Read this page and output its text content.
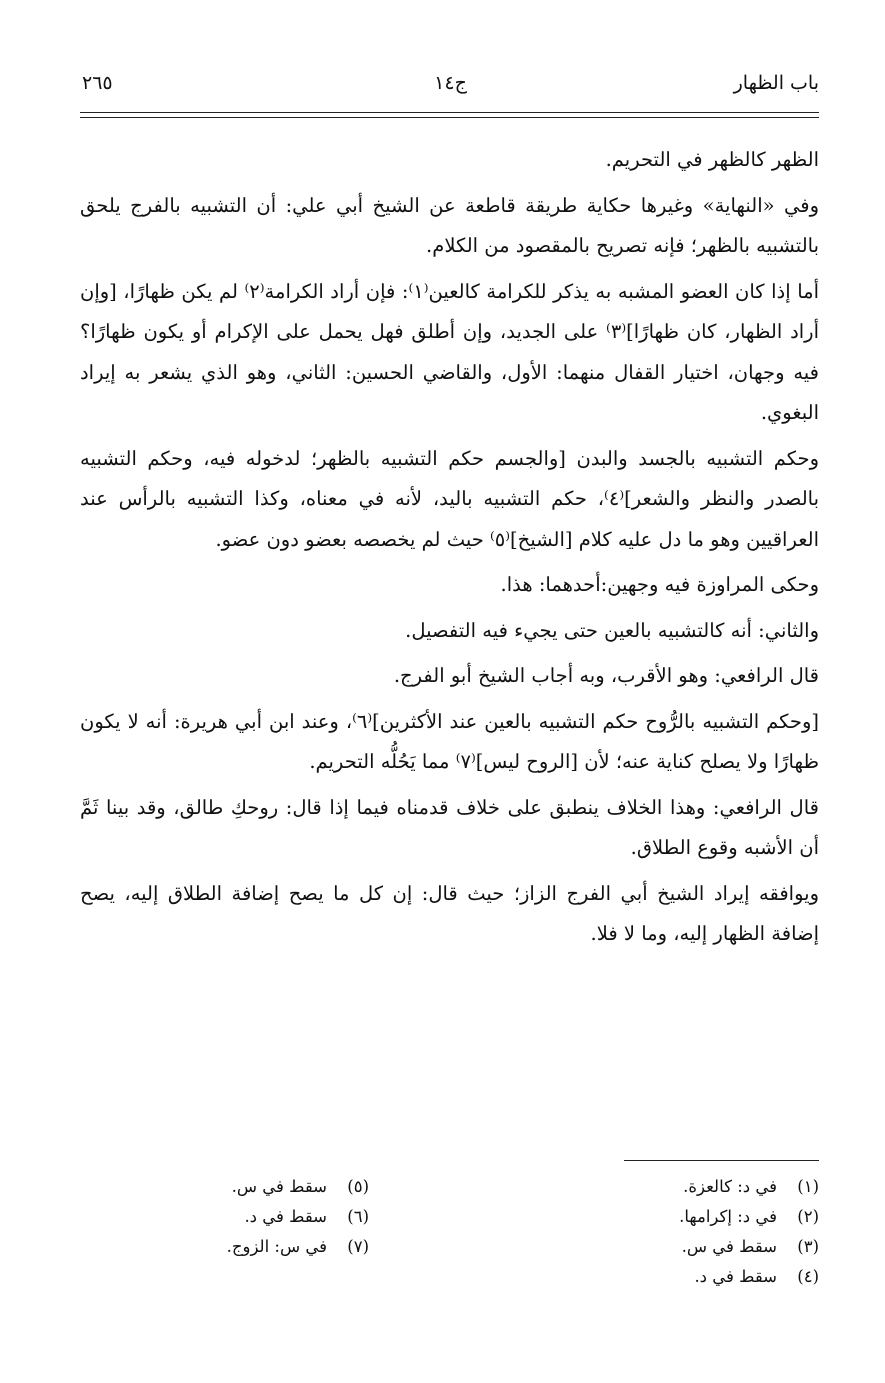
باب الظهار
ج١٤
٢٦٥

الظهر كالظهر في التحريم.

وفي «النهاية» وغيرها حكاية طريقة قاطعة عن الشيخ أبي علي: أن التشبيه بالفرج يلحق بالتشبيه بالظهر؛ فإنه تصريح بالمقصود من الكلام.

أما إذا كان العضو المشبه به يذكر للكرامة كالعين⁽١⁾: فإن أراد الكرامة⁽٢⁾ لم يكن ظهارًا، [وإن أراد الظهار، كان ظهارًا]⁽٣⁾ على الجديد، وإن أطلق فهل يحمل على الإكرام أو يكون ظهارًا؟ فيه وجهان، اختيار القفال منهما: الأول، والقاضي الحسين: الثاني، وهو الذي يشعر به إيراد البغوي.

وحكم التشبيه بالجسد والبدن [والجسم حكم التشبيه بالظهر؛ لدخوله فيه، وحكم التشبيه بالصدر والنظر والشعر]⁽٤⁾، حكم التشبيه باليد، لأنه في معناه، وكذا التشبيه بالرأس عند العراقيين وهو ما دل عليه كلام [الشيخ]⁽٥⁾ حيث لم يخصصه بعضو دون عضو.

وحكى المراوزة فيه وجهين:أحدهما: هذا.

والثاني: أنه كالتشبيه بالعين حتى يجيء فيه التفصيل.

قال الرافعي: وهو الأقرب، وبه أجاب الشيخ أبو الفرج.

[وحكم التشبيه بالرُّوح حكم التشبيه بالعين عند الأكثرين]⁽٦⁾، وعند ابن أبي هريرة: أنه لا يكون ظهارًا ولا يصلح كناية عنه؛ لأن [الروح ليس]⁽٧⁾ مما يَحُلُّه التحريم.

قال الرافعي: وهذا الخلاف ينطبق على خلاف قدمناه فيما إذا قال: روحكِ طالق، وقد بينا ثَمَّ أن الأشبه وقوع الطلاق.

ويوافقه إيراد الشيخ أبي الفرج الزاز؛ حيث قال: إن كل ما يصح إضافة الطلاق إليه، يصح إضافة الظهار إليه، وما لا فلا.

(١)في د: كالعزة.
(٢)في د: إكرامها.
(٣)سقط في س.
(٤)سقط في د.
(٥)سقط في س.
(٦)سقط في د.
(٧)في س: الزوج.
